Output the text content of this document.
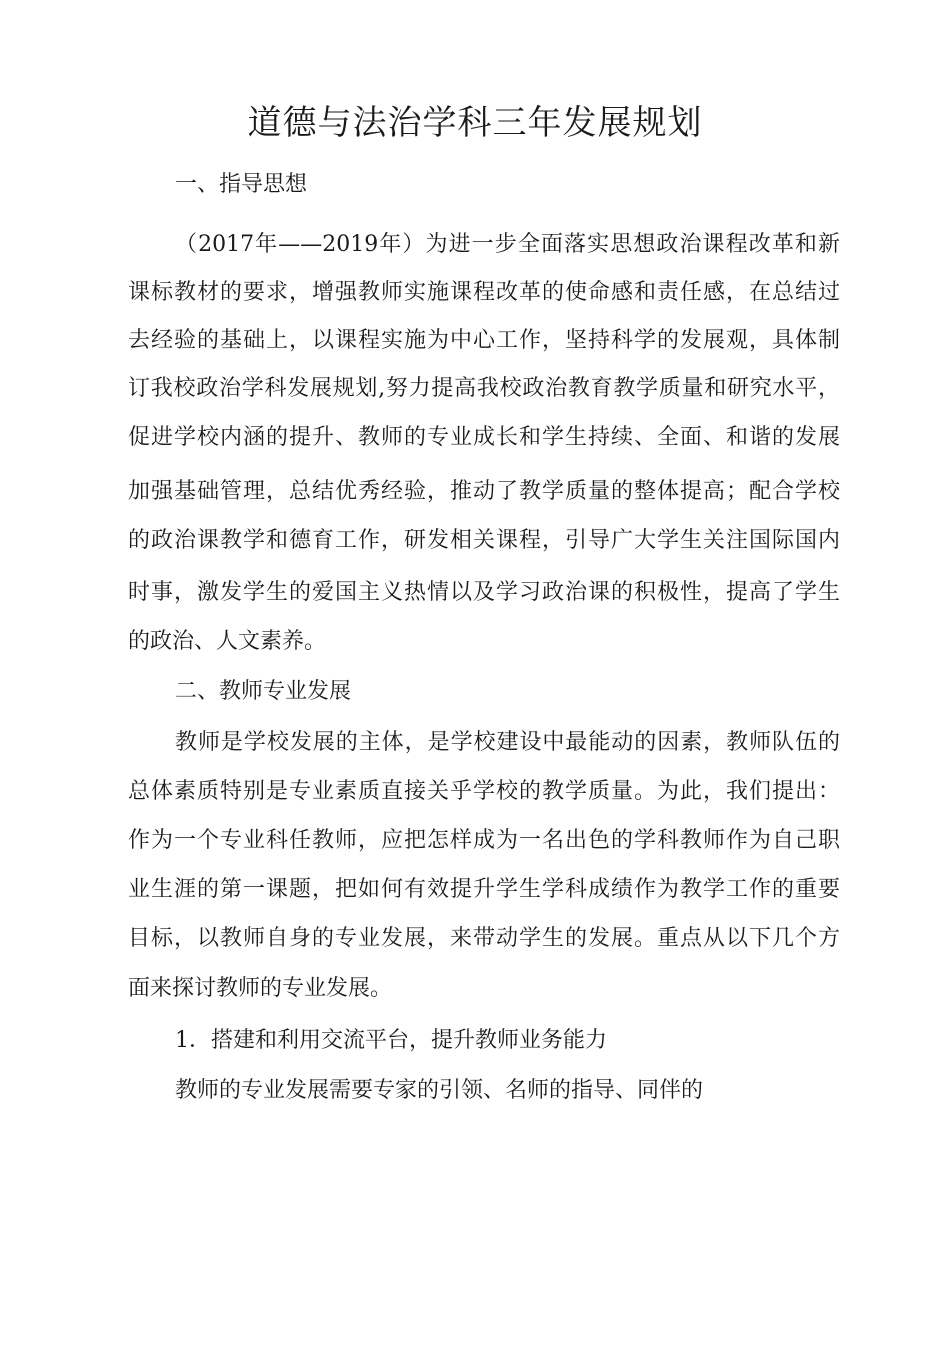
道德与法治学科三年发展规划
一、指导思想
（2017年——2019年）为进一步全面落实思想政治课程改革和新
课标教材的要求，增强教师实施课程改革的使命感和责任感，在总结过
去经验的基础上，以课程实施为中心工作，坚持科学的发展观，具体制
订我校政治学科发展规划,努力提高我校政治教育教学质量和研究水平，
促进学校内涵的提升、教师的专业成长和学生持续、全面、和谐的发展
加强基础管理，总结优秀经验，推动了教学质量的整体提高；配合学校
的政治课教学和德育工作，研发相关课程，引导广大学生关注国际国内
时事，激发学生的爱国主义热情以及学习政治课的积极性，提高了学生
的政治、人文素养。
二、教师专业发展
教师是学校发展的主体，是学校建设中最能动的因素，教师队伍的
总体素质特别是专业素质直接关乎学校的教学质量。为此，我们提出：
作为一个专业科任教师，应把怎样成为一名出色的学科教师作为自己职
业生涯的第一课题，把如何有效提升学生学科成绩作为教学工作的重要
目标，以教师自身的专业发展，来带动学生的发展。重点从以下几个方
面来探讨教师的专业发展。
1．搭建和利用交流平台，提升教师业务能力
教师的专业发展需要专家的引领、名师的指导、同伴的
